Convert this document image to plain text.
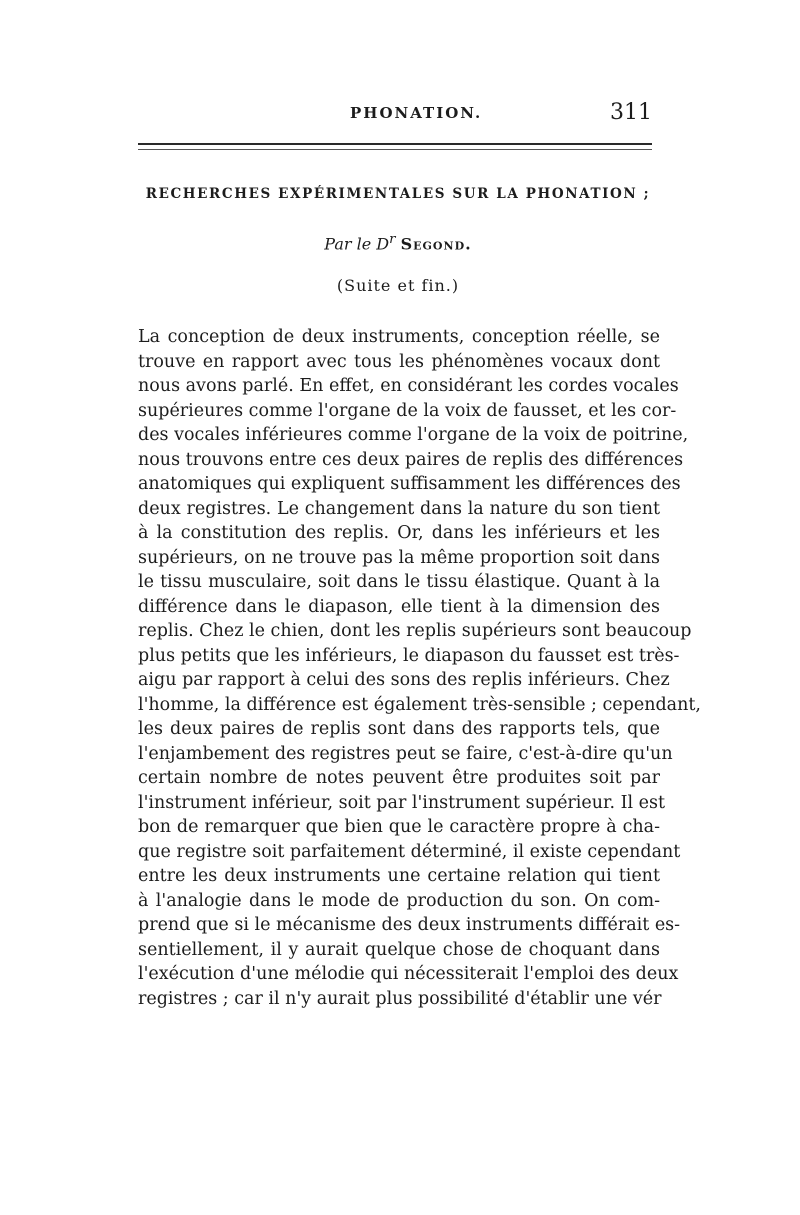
PHONATION.	311
RECHERCHES EXPÉRIMENTALES SUR LA PHONATION ;
Par le $D^r$ Segond.
(Suite et fin.)
La conception de deux instruments, conception réelle, se
trouve en rapport avec tous les phénomènes vocaux dont
nous avons parlé. En effet, en considérant les cordes vocales
supérieures comme l'organe de la voix de fausset, et les cor-
des vocales inférieures comme l'organe de la voix de poitrine,
nous trouvons entre ces deux paires de replis des différences
anatomiques qui expliquent suffisamment les différences des
deux registres. Le changement dans la nature du son tient
à la constitution des replis. Or, dans les inférieurs et les
supérieurs, on ne trouve pas la même proportion soit dans
le tissu musculaire, soit dans le tissu élastique. Quant à la
différence dans le diapason, elle tient à la dimension des
replis. Chez le chien, dont les replis supérieurs sont beaucoup
plus petits que les inférieurs, le diapason du fausset est très-
aigu par rapport à celui des sons des replis inférieurs. Chez
l'homme, la différence est également très-sensible ; cependant,
les deux paires de replis sont dans des rapports tels, que
l'enjambement des registres peut se faire, c'est-à-dire qu'un
certain nombre de notes peuvent être produites soit par
l'instrument inférieur, soit par l'instrument supérieur. Il est
bon de remarquer que bien que le caractère propre à cha-
que registre soit parfaitement déterminé, il existe cependant
entre les deux instruments une certaine relation qui tient
à l'analogie dans le mode de production du son. On com-
prend que si le mécanisme des deux instruments différait es-
sentiellement, il y aurait quelque chose de choquant dans
l'exécution d'une mélodie qui nécessiterait l'emploi des deux
registres ; car il n'y aurait plus possibilité d'établir une vér
